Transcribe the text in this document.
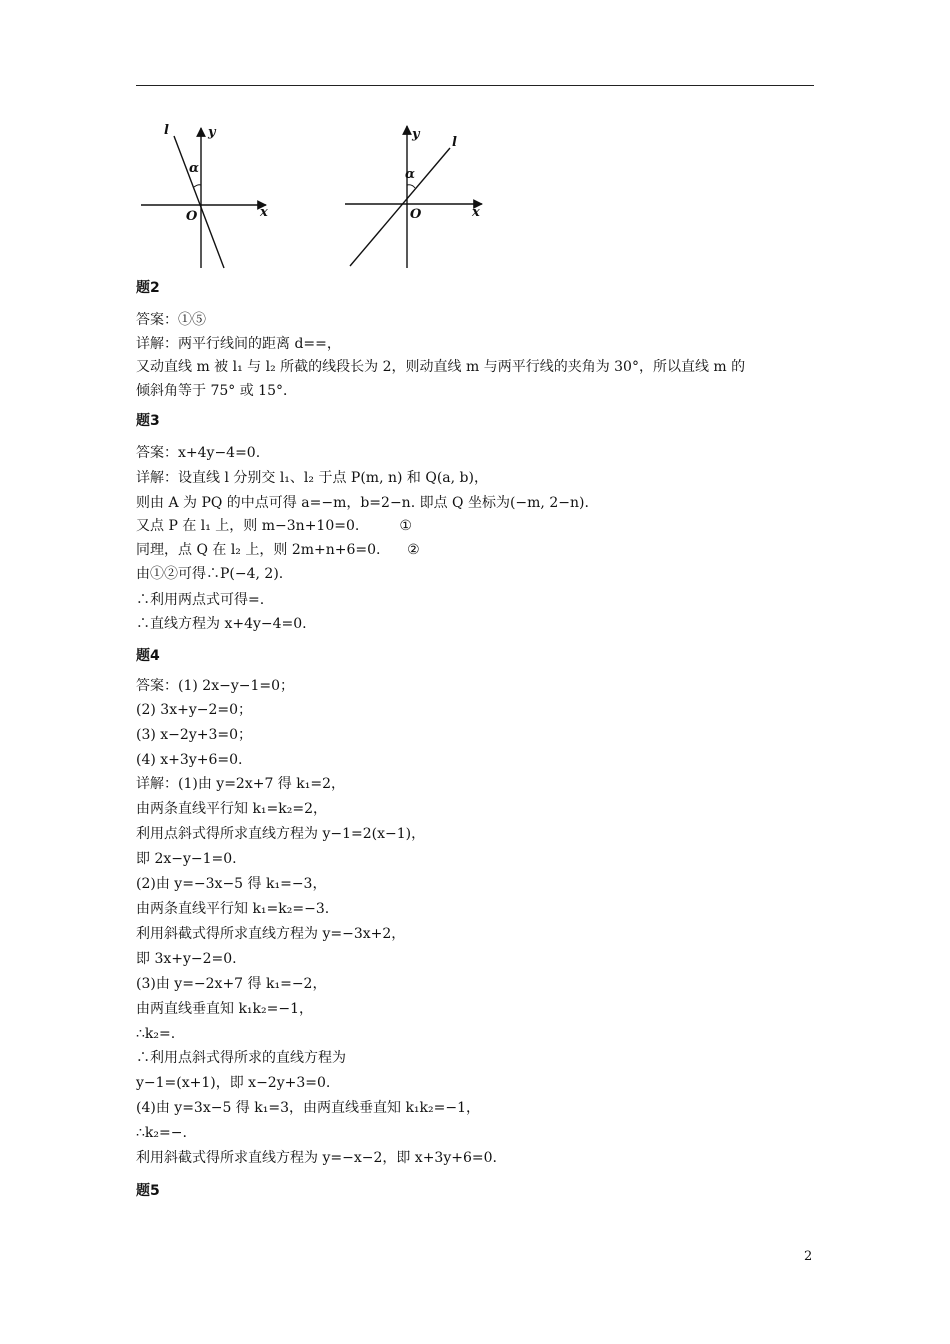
l
α
y
x
O
l
α
y
x
O
题2
答案：①⑤
详解：两平行线间的距离 d==，
又动直线 m 被 l₁ 与 l₂ 所截的线段长为 2，则动直线 m 与两平行线的夹角为 30°，所以直线 m 的
倾斜角等于 75° 或 15°．
题3
答案：x+4y−4=0.
详解：设直线 l 分别交 l₁、l₂ 于点 P(m, n) 和 Q(a, b)，
则由 A 为 PQ 的中点可得 a=−m，b=2−n. 即点 Q 坐标为(−m, 2−n).
又点 P 在 l₁ 上，则 m−3n+10=0.         ①
同理，点 Q 在 l₂ 上，则 2m+n+6=0.      ②
由①②可得∴P(−4, 2).
∴利用两点式可得=.
∴直线方程为 x+4y−4=0.
题4
答案：(1) 2x−y−1=0；
(2) 3x+y−2=0；
(3) x−2y+3=0；
(4) x+3y+6=0.
详解：(1)由 y=2x+7 得 k₁=2，
由两条直线平行知 k₁=k₂=2，
利用点斜式得所求直线方程为 y−1=2(x−1)，
即 2x−y−1=0.
(2)由 y=−3x−5 得 k₁=−3，
由两条直线平行知 k₁=k₂=−3.
利用斜截式得所求直线方程为 y=−3x+2，
即 3x+y−2=0.
(3)由 y=−2x+7 得 k₁=−2，
由两直线垂直知 k₁k₂=−1，
∴k₂=.
∴利用点斜式得所求的直线方程为
y−1=(x+1)，即 x−2y+3=0.
(4)由 y=3x−5 得 k₁=3，由两直线垂直知 k₁k₂=−1，
∴k₂=−.
利用斜截式得所求直线方程为 y=−x−2，即 x+3y+6=0.
题5
2
